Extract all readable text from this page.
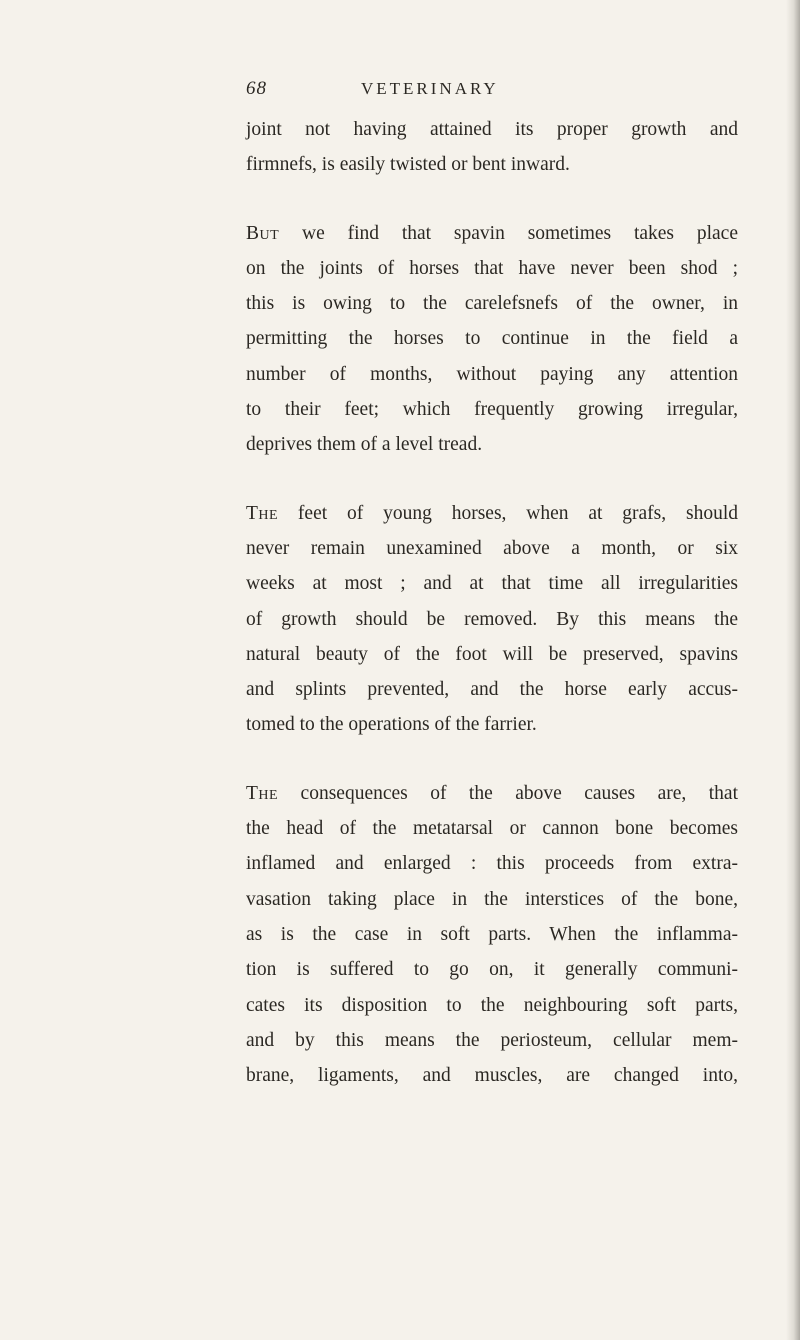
68	VETERINARY
joint not having attained its proper growth and
firmnefs, is easily twisted or bent inward.
But we find that spavin sometimes takes place
on the joints of horses that have never been shod ;
this is owing to the carelefsnefs of the owner, in
permitting the horses to continue in the field a
number of months, without paying any attention
to their feet; which frequently growing irregular,
deprives them of a level tread.
The feet of young horses, when at grafs, should
never remain unexamined above a month, or six
weeks at most ; and at that time all irregularities
of growth should be removed. By this means the
natural beauty of the foot will be preserved, spavins
and splints prevented, and the horse early accus-
tomed to the operations of the farrier.
The consequences of the above causes are, that
the head of the metatarsal or cannon bone becomes
inflamed and enlarged : this proceeds from extra-
vasation taking place in the interstices of the bone,
as is the case in soft parts. When the inflamma-
tion is suffered to go on, it generally communi-
cates its disposition to the neighbouring soft parts,
and by this means the periosteum, cellular mem-
brane, ligaments, and muscles, are changed into,
